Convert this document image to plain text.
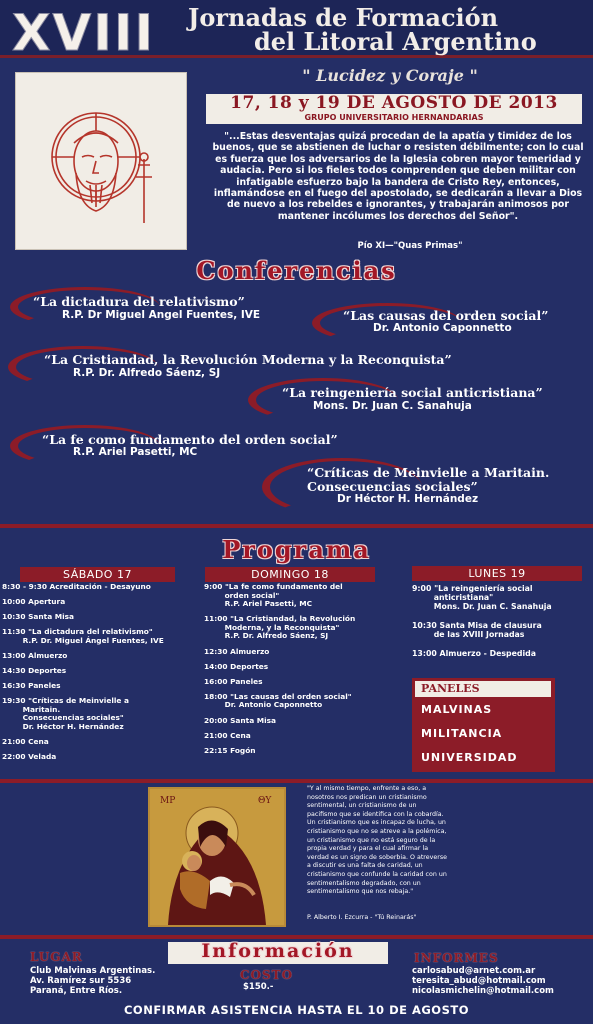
XVIII Jornadas de Formación
del Litoral Argentino
" Lucidez y Coraje "
17, 18 y 19 DE AGOSTO DE 2013
GRUPO UNIVERSITARIO HERNANDARIAS
"...Estas desventajas quizá procedan de la apatía y timidez de los buenos, que se abstienen de luchar o resisten débilmente; con lo cual es fuerza que los adversarios de la Iglesia cobren mayor temeridad y audacia. Pero si los fieles todos comprenden que deben militar con infatigable esfuerzo bajo la bandera de Cristo Rey, entonces, inflamándose en el fuego del apostolado, se dedicarán a llevar a Dios de nuevo a los rebeldes e ignorantes, y trabajarán animosos por mantener incólumes los derechos del Señor".
Pío XI—"Quas Primas"
Conferencias
“La dictadura del relativismo”
R.P. Dr Miguel Angel Fuentes, IVE	“Las causas del orden social”
Dr. Antonio Caponnetto
“La Cristiandad, la Revolución Moderna y la Reconquista”
R.P. Dr. Alfredo Sáenz, SJ
“La reingeniería social anticristiana”
Mons. Dr. Juan C. Sanahuja
“La fe como fundamento del orden social”
R.P. Ariel Pasetti, MC
“Críticas de Meinvielle a Maritain.
Consecuencias sociales”
Dr Héctor H. Hernández
Programa
SÁBADO 17	DOMINGO 18	LUNES 19
8:30 - 9:30 Acreditación - Desayuno
10:00 Apertura
10:30 Santa Misa
11:30 "La dictadura del relativismo"
R.P. Dr. Miguel Ángel Fuentes, IVE
13:00 Almuerzo
14:30 Deportes
16:30 Paneles
19:30 "Críticas de Meinvielle a
Maritain.
Consecuencias sociales"
Dr. Héctor H. Hernández
21:00 Cena
22:00 Velada
9:00 "La fe como fundamento del
orden social"
R.P. Ariel Pasetti, MC
11:00 "La Cristiandad, la Revolución
Moderna, y la Reconquista"
R.P. Dr. Alfredo Sáenz, SJ
12:30 Almuerzo
14:00 Deportes
16:00 Paneles
18:00 "Las causas del orden social"
Dr. Antonio Caponnetto
20:00 Santa Misa
21:00 Cena
22:15 Fogón
9:00 "La reingeniería social
anticristiana"
Mons. Dr. Juan C. Sanahuja
10:30 Santa Misa de clausura
de las XVIII Jornadas
13:00 Almuerzo - Despedida
PANELES
MALVINAS
MILITANCIA
UNIVERSIDAD
MP	ΘΥ
"Y al mismo tiempo, enfrente a eso, a nosotros nos predican un cristianismo sentimental, un cristianismo de un pacifismo que se identifica con la cobardía. Un cristianismo que es incapaz de lucha, un cristianismo que no se atreve a la polémica, un cristianismo que no está seguro de la propia verdad y para el cual afirmar la verdad es un signo de soberbia. O atreverse a discutir es una falta de caridad, un cristianismo que confunde la caridad con un sentimentalismo degradado, con un sentimentalismo que nos rebaja."
P. Alberto I. Ezcurra - "Tú Reinarás"
Información
LUGAR
Club Malvinas Argentinas.
Av. Ramírez sur 5536
Paraná, Entre Ríos.
COSTO
$150.-
INFORMES
carlosabud@arnet.com.ar
teresita_abud@hotmail.com
nicolasmichelin@hotmail.com
CONFIRMAR ASISTENCIA HASTA EL 10 DE AGOSTO
